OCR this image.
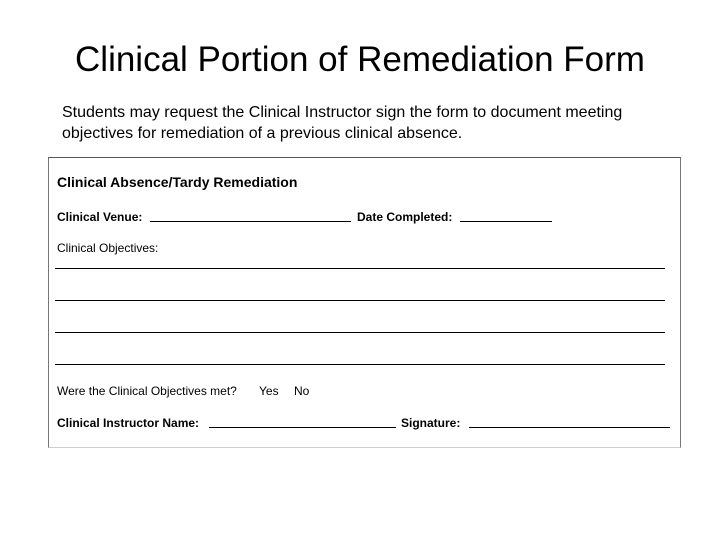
Clinical Portion of Remediation Form

Students may request the Clinical Instructor sign the form to document meeting objectives for remediation of a previous clinical absence.

Clinical Absence/Tardy Remediation
Clinical Venue:	Date Completed:
Clinical Objectives:
Were the Clinical Objectives met? Yes No
Clinical Instructor Name:	Signature:
